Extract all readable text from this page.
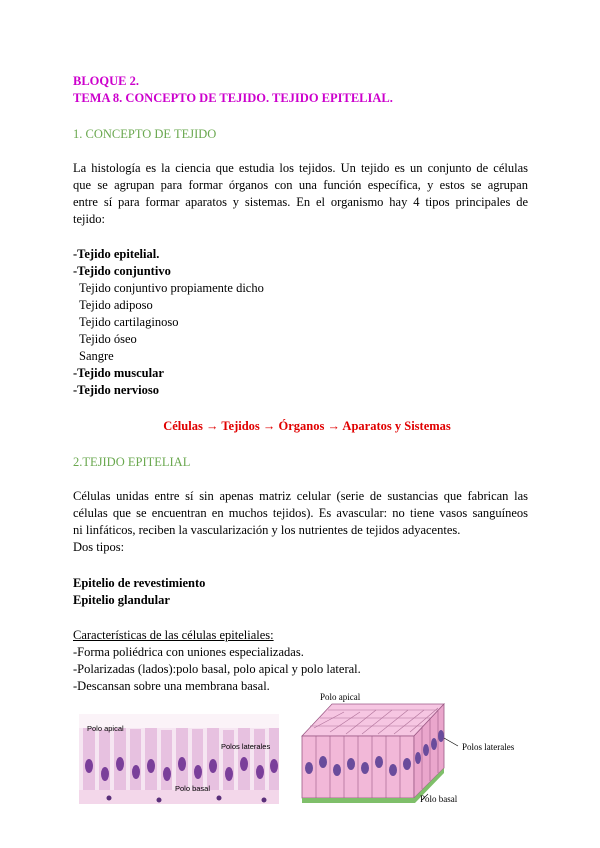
BLOQUE 2.
TEMA 8. CONCEPTO DE TEJIDO. TEJIDO EPITELIAL.
1. CONCEPTO DE TEJIDO
La histología es la ciencia que estudia los tejidos. Un tejido es un conjunto de células
que se agrupan para formar órganos con una función específica, y estos se agrupan
entre sí para formar aparatos y sistemas. En el organismo hay 4 tipos principales de
tejido:
-Tejido epitelial.
-Tejido conjuntivo
Tejido conjuntivo propiamente dicho
Tejido adiposo
Tejido cartilaginoso
Tejido óseo
Sangre
-Tejido muscular
-Tejido nervioso
Células → Tejidos → Órganos → Aparatos y Sistemas
2.TEJIDO EPITELIAL
Células unidas entre sí sin apenas matriz celular (serie de sustancias que fabrican las
células que se encuentran en muchos tejidos). Es avascular: no tiene vasos sanguíneos
ni linfáticos, reciben la vascularización y los nutrientes de tejidos adyacentes.
Dos tipos:
Epitelio de revestimiento
Epitelio glandular
Características de las células epiteliales:
-Forma poliédrica con uniones especializadas.
-Polarizadas (lados):polo basal, polo apical y polo lateral.
-Descansan sobre una membrana basal.
Polo apical
Polos laterales
Polo basal
Polo apical
Polos laterales
Polo basal
